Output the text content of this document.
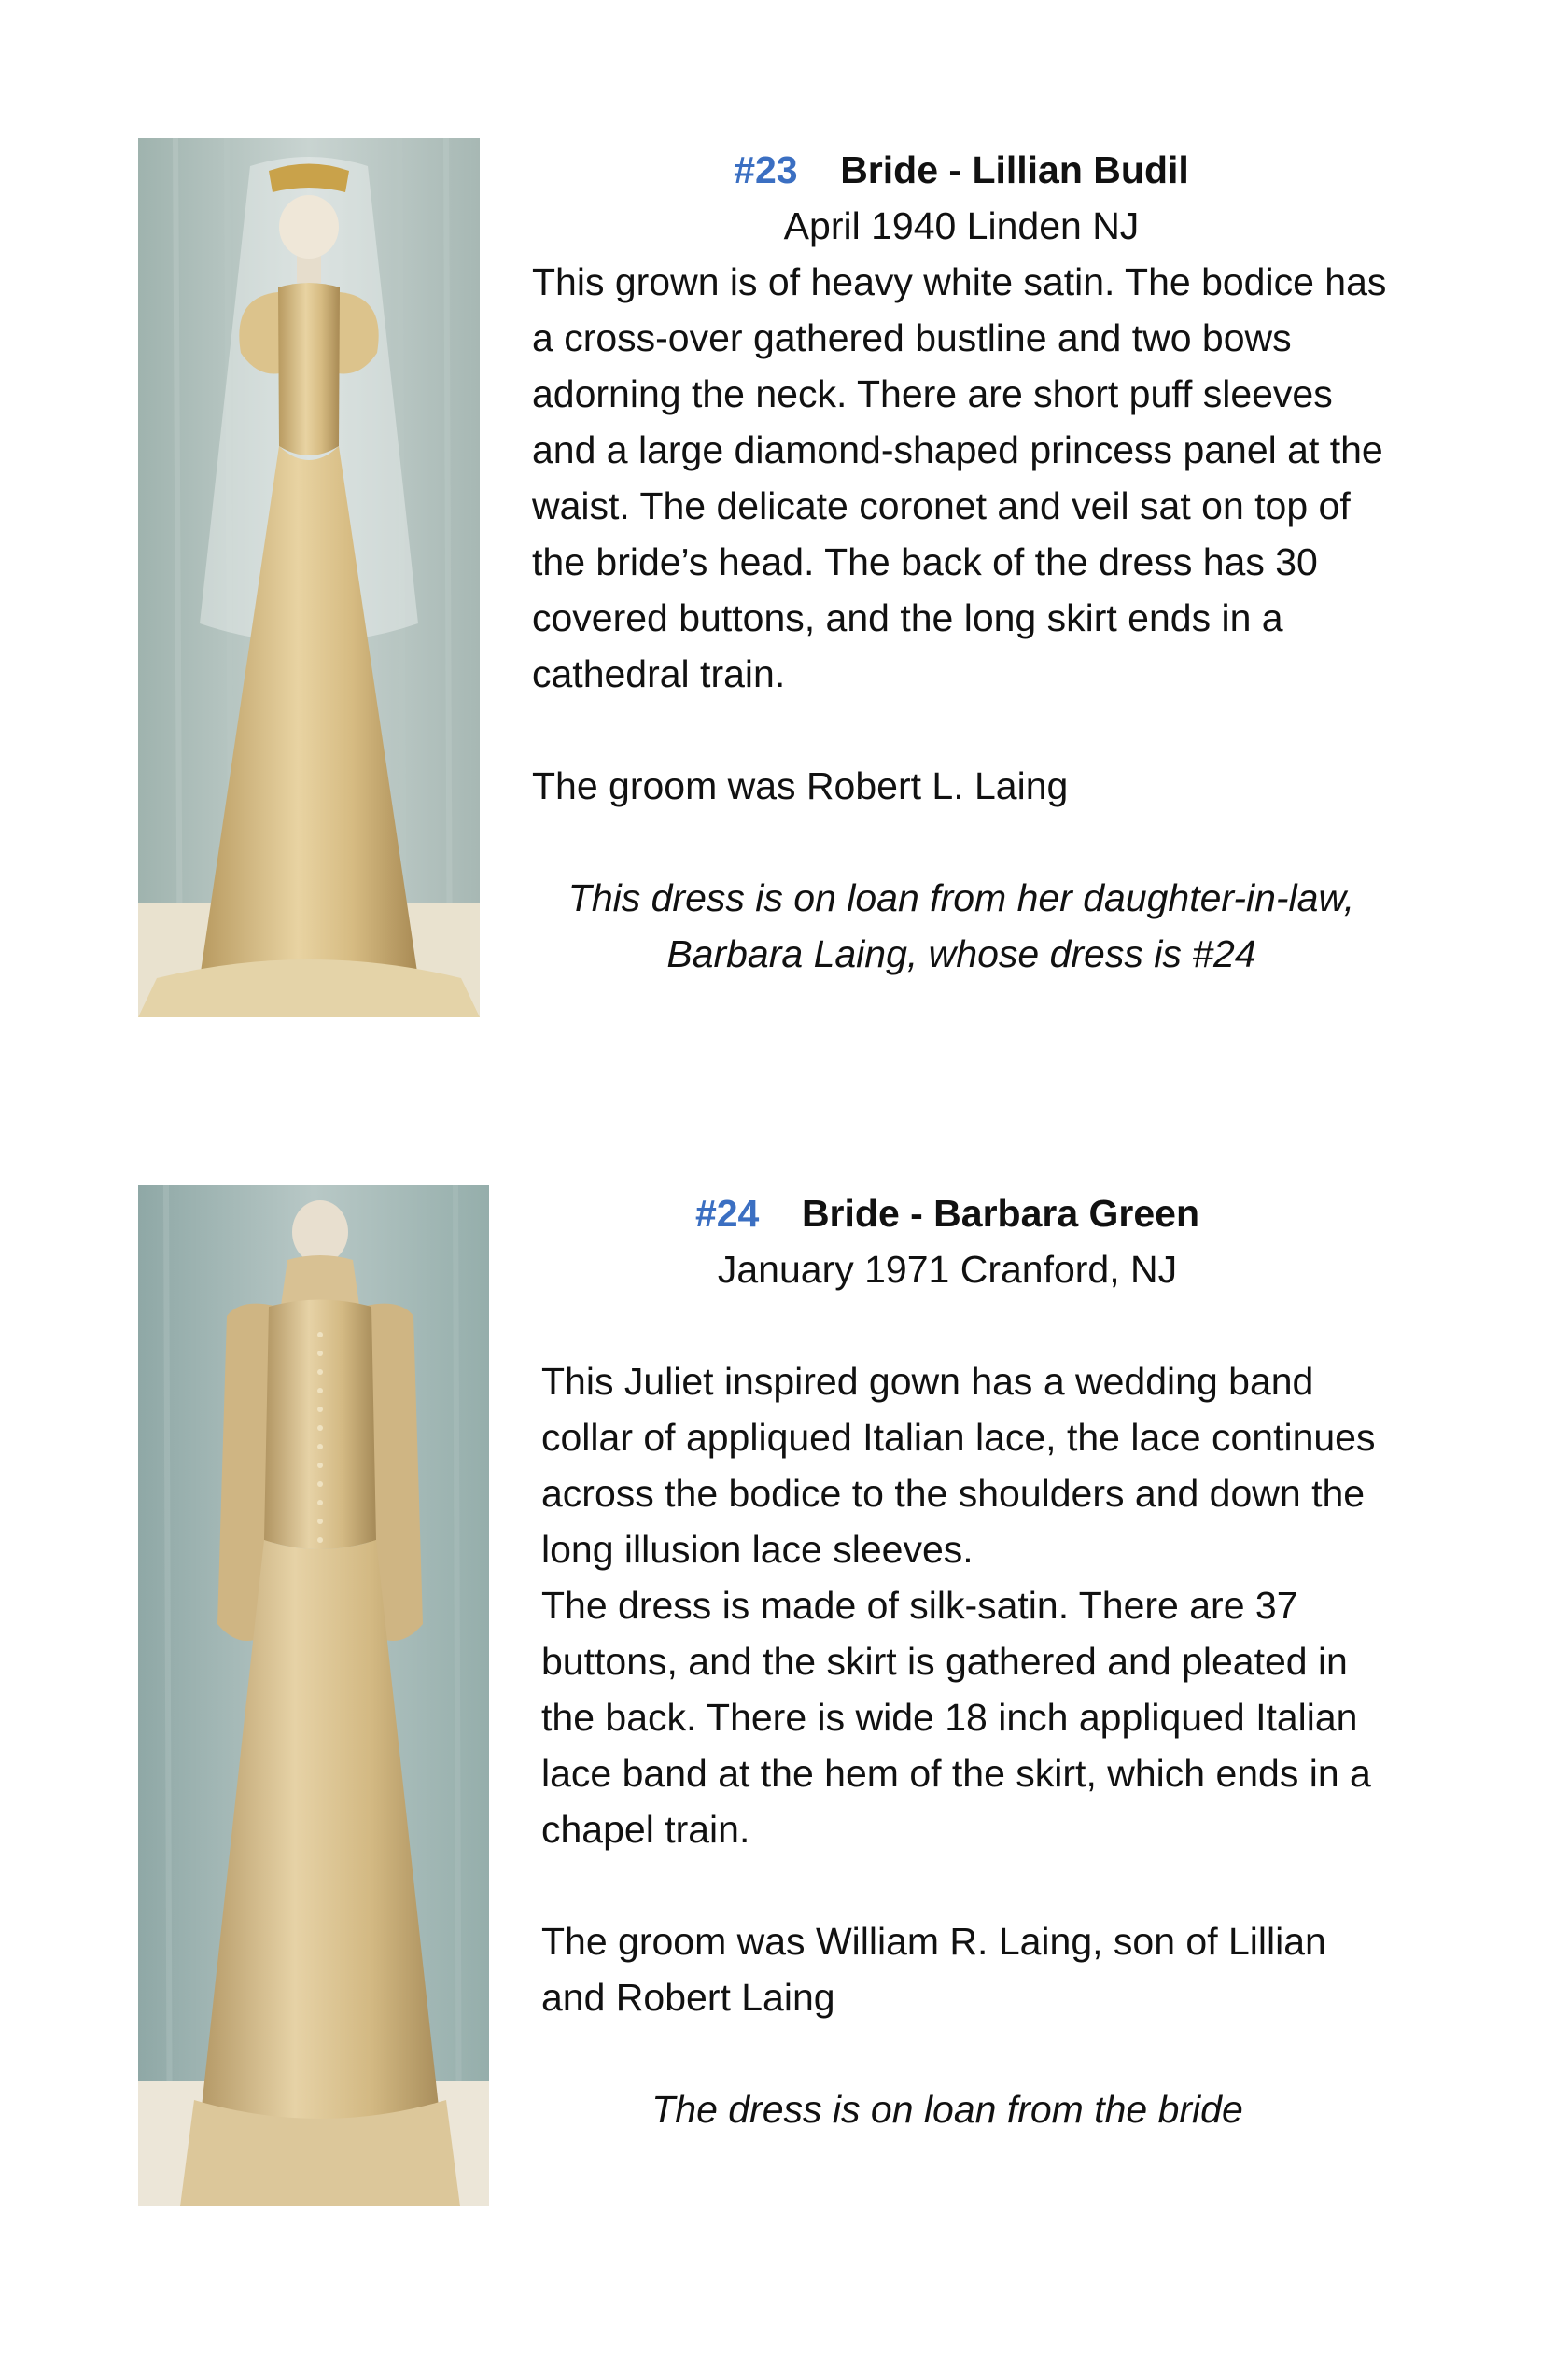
#23 Bride - Lillian Budil
April 1940 Linden NJ

This grown is of heavy white satin. The bodice has a cross-over gathered bustline and two bows adorning the neck. There are short puff sleeves and a large diamond-shaped princess panel at the waist. The delicate coronet and veil sat on top of the bride’s head. The back of the dress has 30 covered buttons, and the long skirt ends in a cathedral train.

The groom was Robert L. Laing

This dress is on loan from her daughter-in-law, Barbara Laing, whose dress is #24

#24 Bride - Barbara Green
January 1971 Cranford, NJ

This Juliet inspired gown has a wedding band collar of appliqued Italian lace, the lace continues across the bodice to the shoulders and down the long illusion lace sleeves.

The dress is made of silk-satin. There are 37 buttons, and the skirt is gathered and pleated in the back. There is wide 18 inch appliqued Italian lace band at the hem of the skirt, which ends in a chapel train.

The groom was William R. Laing, son of Lillian and Robert Laing

The dress is on loan from the bride
